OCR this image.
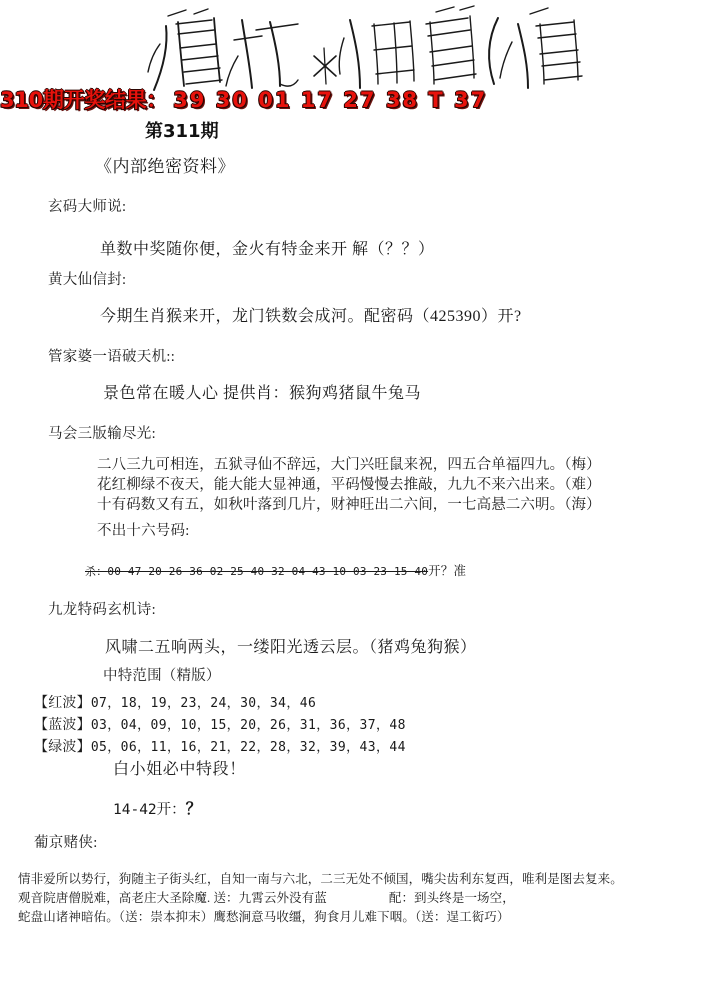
310期开奖结果： 39 30 01 17 27 38 T 37
第311期
《内部绝密资料》
玄码大师说:
单数中奖随你便，金火有特金来开 解（？？）
黄大仙信封:
今期生肖猴来开，龙门铁数会成河。配密码（425390）开?
管家婆一语破天机::
景色常在暖人心 提供肖：猴狗鸡猪鼠牛兔马
马会三版输尽光:
二八三九可相连，五狱寻仙不辞远，大门兴旺鼠来祝，四五合单福四九。（梅）
花红柳绿不夜天，能大能大显神通，平码慢慢去推敲，九九不来六出来。（难）
十有码数又有五，如秋叶落到几片，财神旺出二六间，一七高悬二六明。（海）
不出十六号码:
杀：00 47 20 26 36 02 25 40 32 04 43 10 03 23 15 40开？准
九龙特码玄机诗:
风啸二五响两头，一缕阳光透云层。（猪鸡兔狗猴）
中特范围（精版）
【红波】07，18，19，23，24，30，34，46
【蓝波】03，04，09，10，15，20，26，31，36，37，48
【绿波】05，06，11，16，21，22，28，32，39，43，44
白小姐必中特段！
14-42开：？
葡京赌侠:
情非爱所以势行，狗随主子街头红，自知一南与六北，二三无处不倾国，嘴尖齿利东复西，唯利是图去复来。
观音院唐僧脱难，高老庄大圣除魔. 送：九霄云外没有蓝	配：到头终是一场空，
蛇盘山诸神暗佑。（送：崇本抑末）鹰愁涧意马收缰，狗食月儿难下咽。（送：逞工衒巧）
